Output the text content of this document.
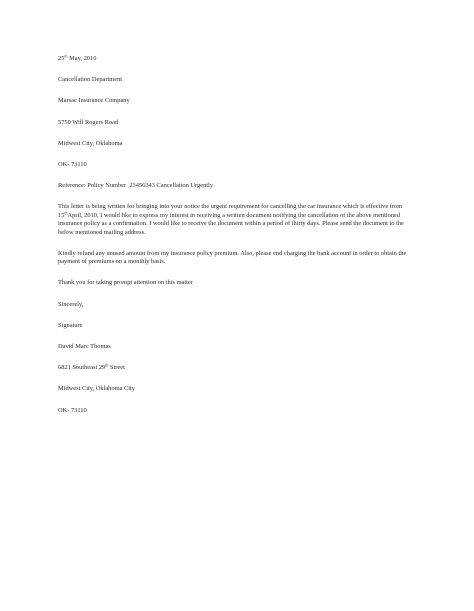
25th May, 2010
Cancellation Department
Marsac Insurance Company
5750 Will Rogers Road
Midwest City, Oklahoma
OK- 73110
Reference: Policy Number 23456343 Cancellation Urgently
This letter is being written for bringing into your notice the urgent requirement for cancelling the car insurance which is effective from 15thApril, 2010. I would like to express my interest in receiving a written document notifying the cancellation of the above mentioned insurance policy as a confirmation. I would like to receive the document within a period of thirty days. Please send the document to the below mentioned mailing address.
Kindly refund any unused amount from my insurance policy premium. Also, please end charging the bank account in order to obtain the payment of premiums on a monthly basis.
Thank you for taking prompt attention on this matter
Sincerely,
Signature
David Marc Thomas
6821 Southeast 29th Street
Midwest City, Oklahoma City
OK- 73110
